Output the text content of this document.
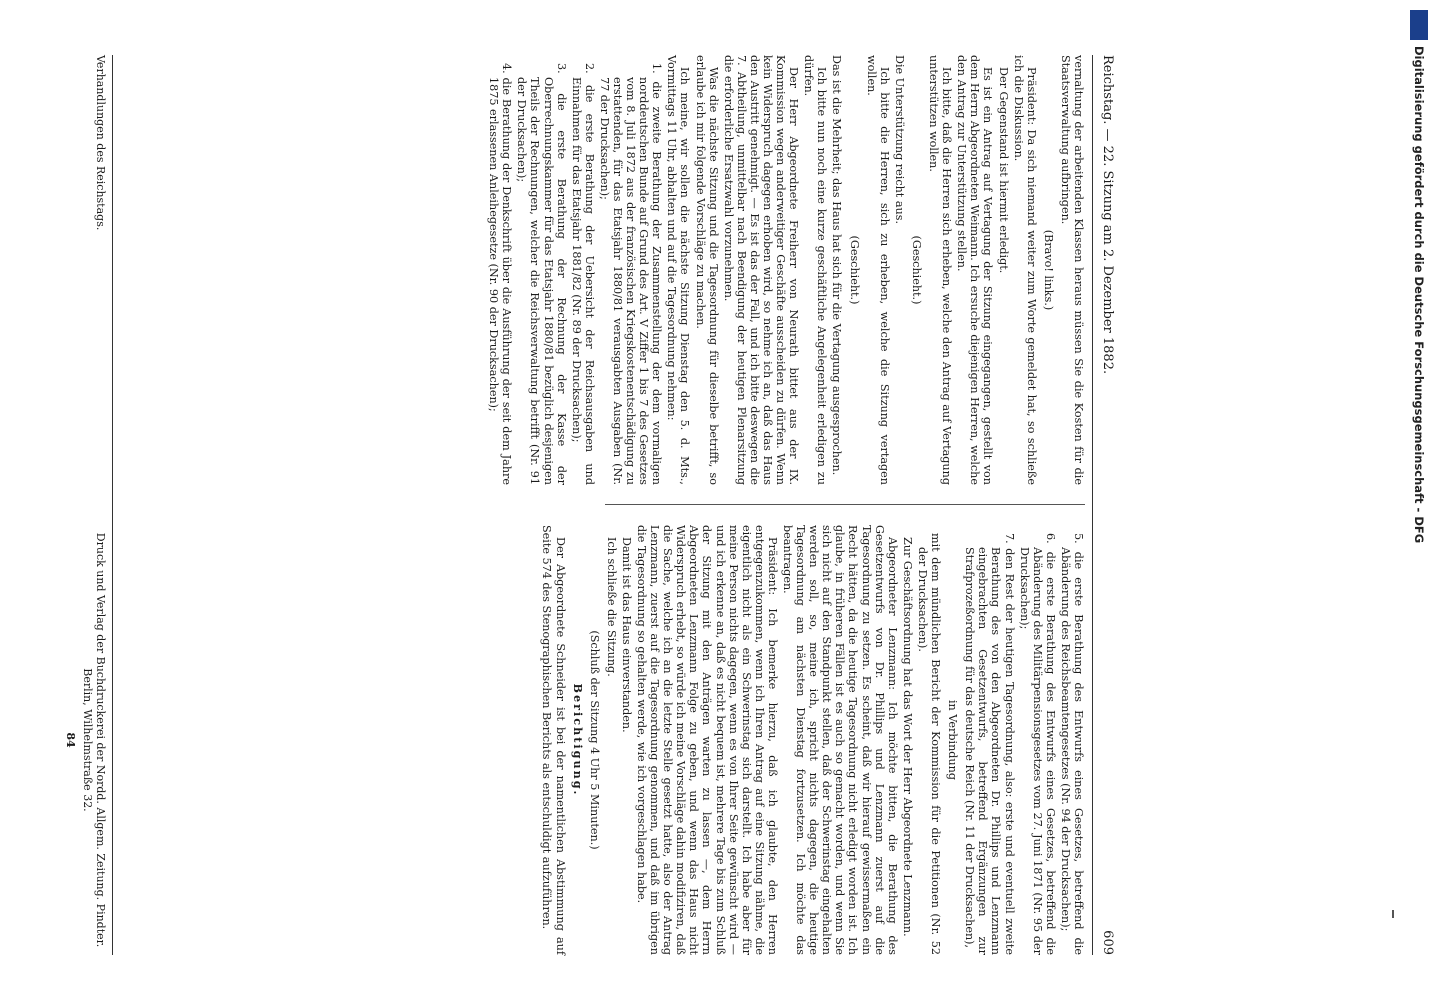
Reichstag. — 22. Sitzung am 2. Dezember 1882.
609

vernaltung der arbeitenden Klassen heraus müssen Sie die Kosten für die Staatsverwaltung aufbringen.

(Bravo! links.)

Präsident: Da sich niemand weiter zum Worte gemeldet hat, so schließe ich die Diskussion.

Der Gegenstand ist hiermit erledigt.

Es ist ein Antrag auf Vertagung der Sitzung eingegangen, gestellt von dem Herrn Abgeordneten Weimann. Ich ersuche diejenigen Herren, welche den Antrag zur Unterstützung stellen.

Ich bitte, daß die Herren sich erheben, welche den Antrag auf Vertagung unterstützen wollen.

(Geschieht.)

Die Unterstützung reicht aus.

Ich bitte die Herren, sich zu erheben, welche die Sitzung vertagen wollen.

(Geschieht.)

Das ist die Mehrheit; das Haus hat sich für die Vertagung ausgesprochen.

Ich bitte nun noch eine kurze geschäftliche Angelegenheit erledigen zu dürfen.

Der Herr Abgeordnete Freiherr von Neurath bittet aus der IX. Kommission wegen anderweitiger Geschäfte ausscheiden zu dürfen. Wenn kein Widerspruch dagegen erhoben wird, so nehme ich an, daß das Haus den Austritt genehmigt. — Es ist das der Fall, und ich bitte deswegen die 7. Abtheilung, unmittelbar nach Beendigung der heutigen Plenarsitzung die erforderliche Ersatzwahl vorzunehmen.

Was die nächste Sitzung und die Tagesordnung für dieselbe betrifft, so erlaube ich mir folgende Vorschläge zu machen.

Ich meine, wir sollen die nächste Sitzung Dienstag den 5. d. Mts., Vormittags 11 Uhr, abhalten und auf die Tagesordnung nehmen:

1. die zweite Berathung der Zusammenstellung der dem vormaligen norddeutschen Bunde auf Grund des Art. V Ziffer 1 bis 7 des Gesetzes vom 8. Juli 1872 aus der französischen Kriegskostenentschädigung zu erstattenden, für das Etatsjahr 1880/81 verausgabten Ausgaben (Nr. 77 der Drucksachen);

2. die erste Berathung der Uebersicht der Reichsausgaben und Einnahmen für das Etatsjahr 1881/82 (Nr. 89 der Drucksachen);

3. die erste Berathung der Rechnung der Kasse der Oberrechnungskammer für das Etatsjahr 1880/81 bezüglich desjenigen Theils der Rechnungen, welcher die Reichsverwaltung betrifft (Nr. 91 der Drucksachen);

4. die Berathung der Denkschrift über die Ausführung der seit dem Jahre 1875 erlassenen Anleihegesetze (Nr. 90 der Drucksachen);

5. die erste Berathung des Entwurfs eines Gesetzes, betreffend die Abänderung des Reichsbeamtengesetzes (Nr. 94 der Drucksachen);

6. die erste Berathung des Entwurfs eines Gesetzes, betreffend die Abänderung des Militärpensionsgesetzes vom 27. Juni 1871 (Nr. 95 der Drucksachen);

7. den Rest der heutigen Tagesordnung, also: erste und eventuell zweite Berathung des von den Abgeordneten Dr. Phillips und Lenzmann eingebrachten Gesetzentwurfs, betreffend Ergänzungen zur Strafprozeßordnung für das deutsche Reich (Nr. 11 der Drucksachen),

in Verbindung

mit dem mündlichen Bericht der Kommission für die Petitionen (Nr. 52 der Drucksachen).

Zur Geschäftsordnung hat das Wort der Herr Abgeordnete Lenzmann.

Abgeordneter Lenzmann: Ich möchte bitten, die Berathung des Gesetzentwurfs von Dr. Phillips und Lenzmann zuerst auf die Tagesordnung zu setzen. Es scheint, daß wir hierauf gewissermaßen ein Recht hätten, da die heutige Tagesordnung nicht erledigt worden ist. Ich glaube, in früheren Fällen ist es auch so gemacht worden, und wenn Sie sich nicht auf den Standpunkt stellen, daß der Schwerinstag eingehalten werden soll, so, meine ich, spricht nichts dagegen, die heutige Tagesordnung am nächsten Dienstag fortzusetzen. Ich möchte das beantragen.

Präsident: Ich bemerke hierzu, daß ich glaubte, den Herren entgegenzukommen, wenn ich Ihren Antrag auf eine Sitzung nähme, die eigentlich nicht als ein Schwerinstag sich darstellt. Ich habe aber für meine Person nichts dagegen, wenn es von Ihrer Seite gewünscht wird — und ich erkenne an, daß es nicht bequem ist, mehrere Tage bis zum Schluß der Sitzung mit den Anträgen warten zu lassen —, dem Herrn Abgeordneten Lenzmann Folge zu geben, und wenn das Haus nicht Widerspruch erhebt, so würde ich meine Vorschläge dahin modifiziren, daß die Sache, welche ich an die letzte Stelle gesetzt hatte, also der Antrag Lenzmann, zuerst auf die Tagesordnung genommen, und daß im übrigen die Tagesordnung so gehalten werde, wie ich vorgeschlagen habe.

Damit ist das Haus einverstanden.

Ich schließe die Sitzung.

(Schluß der Sitzung 4 Uhr 5 Minuten.)

Berichtigung.

Der Abgeordnete Schneider ist bei der namentlichen Abstimmung auf Seite 574 des Stenographischen Berichts als entschuldigt aufzuführen.

Verhandlungen des Reichstags.
Druck und Verlag der Buchdruckerei der Nordd. Allgem. Zeitung. Pindter. Berlin, Wilhelmstraße 32.
84
Digitalisierung gefördert durch die Deutsche Forschungsgemeinschaft - DFG
